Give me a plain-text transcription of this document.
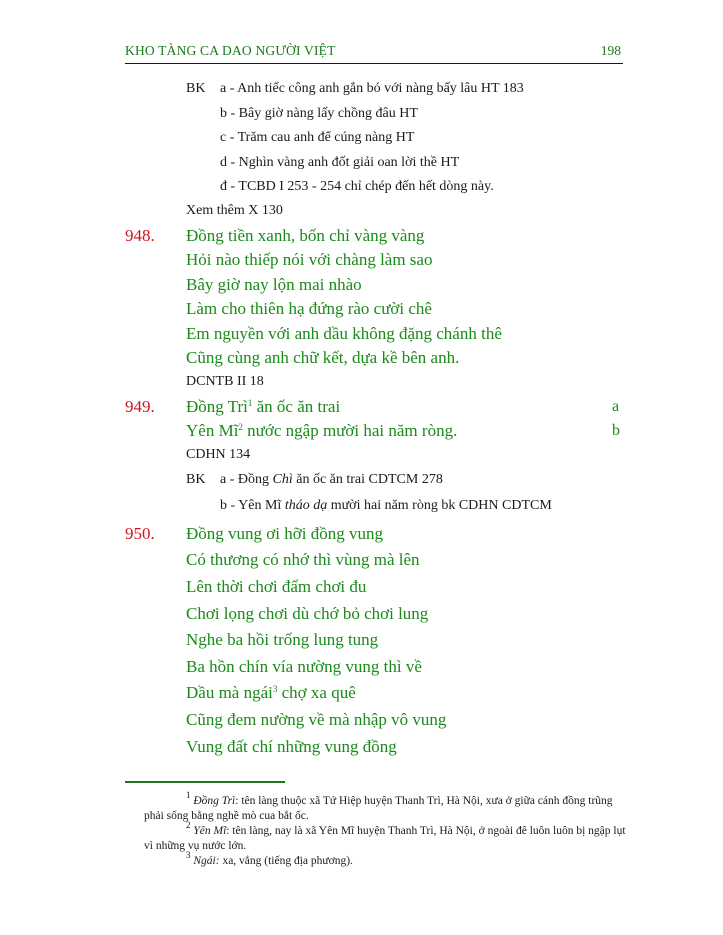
KHO TÀNG CA DAO NGƯỜI VIỆT	198
BK a - Anh tiếc công anh gắn bó với nàng bấy lâu HT 183
b - Bây giờ nàng lấy chồng đâu HT
c - Trăm cau anh để cúng nàng HT
d - Nghìn vàng anh đốt giải oan lời thề HT
đ - TCBD I 253 - 254 chỉ chép đến hết dòng này.
Xem thêm X 130
948. Đồng tiền xanh, bốn chỉ vàng vàng
Hỏi nào thiếp nói với chàng làm sao
Bây giờ nay lộn mai nhào
Làm cho thiên hạ đứng rào cười chê
Em nguyền với anh dầu không đặng chánh thê
Cũng cùng anh chữ kết, dựa kề bên anh.
DCNTB II 18
949. Đồng Trì$^1$ ăn ốc ăn trai	a
Yên $Mĩ^2$ nước ngập mười hai năm ròng.	b
CDHN 134
BK a - Đồng Chì ăn ốc ăn trai CDTCM 278
b - Yên Mĩ tháo dạ mười hai năm ròng bk CDHN CDTCM
950. Đồng vung ơi hỡi đồng vung
Có thương có nhớ thì vùng mà lên
Lên thời chơi đấm chơi đu
Chơi lọng chơi dù chớ bỏ chơi lung
Nghe ba hồi trống lung tung
Ba hồn chín vía nường vung thì về
Dầu mà ngái$^3$ chợ xa quê
Cũng đem nường về mà nhập vô vung
Vung đất chí những vung đồng
$^1$ Đồng Trì: tên làng thuộc xã Tứ Hiệp huyện Thanh Trì, Hà Nội, xưa ở giữa cánh đồng trũng phải sống bằng nghề mò cua bắt ốc.
$^2$ Yên Mĩ: tên làng, nay là xã Yên Mĩ huyện Thanh Trì, Hà Nội, ở ngoài đê luôn luôn bị ngập lụt vì những vụ nước lớn.
$^3$ Ngái: xa, vắng (tiếng địa phương).
